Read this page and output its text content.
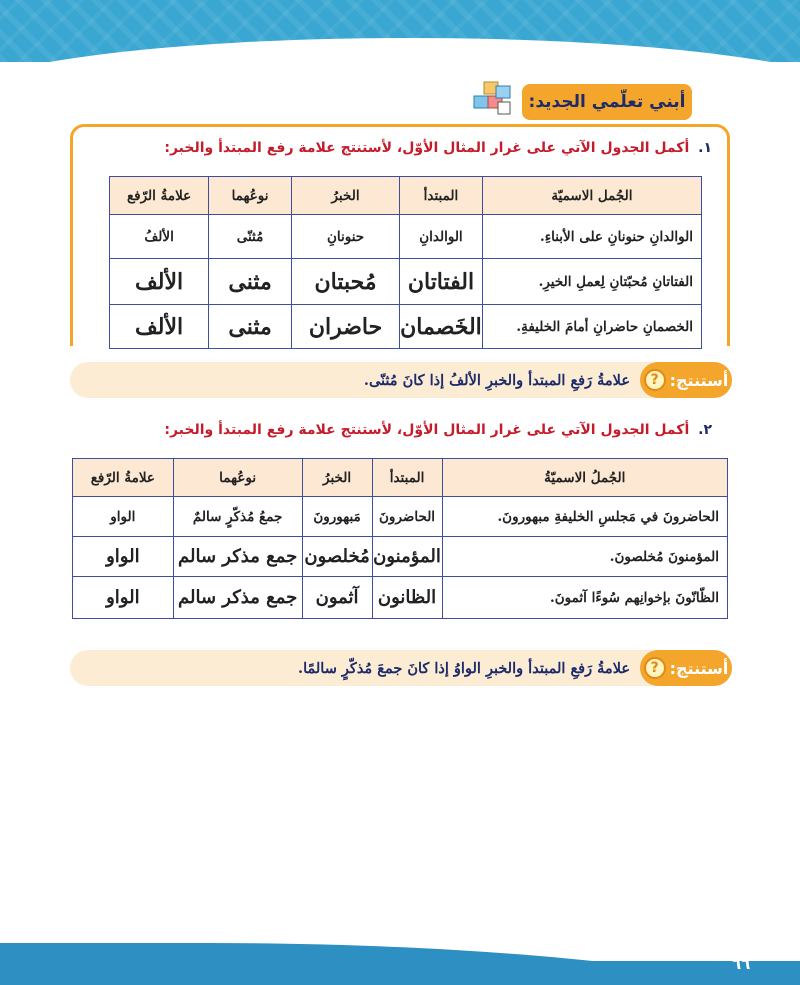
أبني تعلّمي الجديد:
١. أكمل الجدول الآتي على غرار المثال الأوّل، لأستنتج علامة رفع المبتدأ والخبر:
الجُمل الاسميّة	المبتدأ	الخبرُ	نوعُهما	علامةُ الرّفع
الوالدانِ حنونانِ على الأبناءِ.	الوالدانِ	حنونانِ	مُثنّى	الألفُ
الفتاتانِ مُحبّتانِ لِعملِ الخيرِ.	الفتاتان	مُحبتان	مثنى	الألف
الخصمانِ حاضرانِ أمامَ الخليفةِ.	الخَصمان	حاضران	مثنى	الألف
أستنتج:
?
علامةُ رَفعِ المبتدأ والخبرِ الألفُ إذا كانَ مُثنّى.
٢. أكمل الجدول الآتي على غرار المثال الأوّل، لأستنتج علامة رفع المبتدأ والخبر:
الجُملُ الاسميّةُ	المبتدأ	الخبرُ	نوعُهما	علامةُ الرّفع
الحاضرونَ في مَجلسِ الخليفةِ مبهورونَ.	الحاضرونَ	مَبهورونَ	جمعُ مُذكّرٍ سالمٌ	الواو
المؤمنونَ مُخلصونَ.	المؤمنون	مُخلصون	جمع مذكر سالم	الواو
الظّانّونَ بإخوانِهم سُوءًا آثمونَ.	الظانون	آثمون	جمع مذكر سالم	الواو
أستنتج:
?
علامةُ رَفعِ المبتدأ والخبرِ الواوُ إذا كانَ جمعَ مُذكّرٍ سالمًا.
٦٦
